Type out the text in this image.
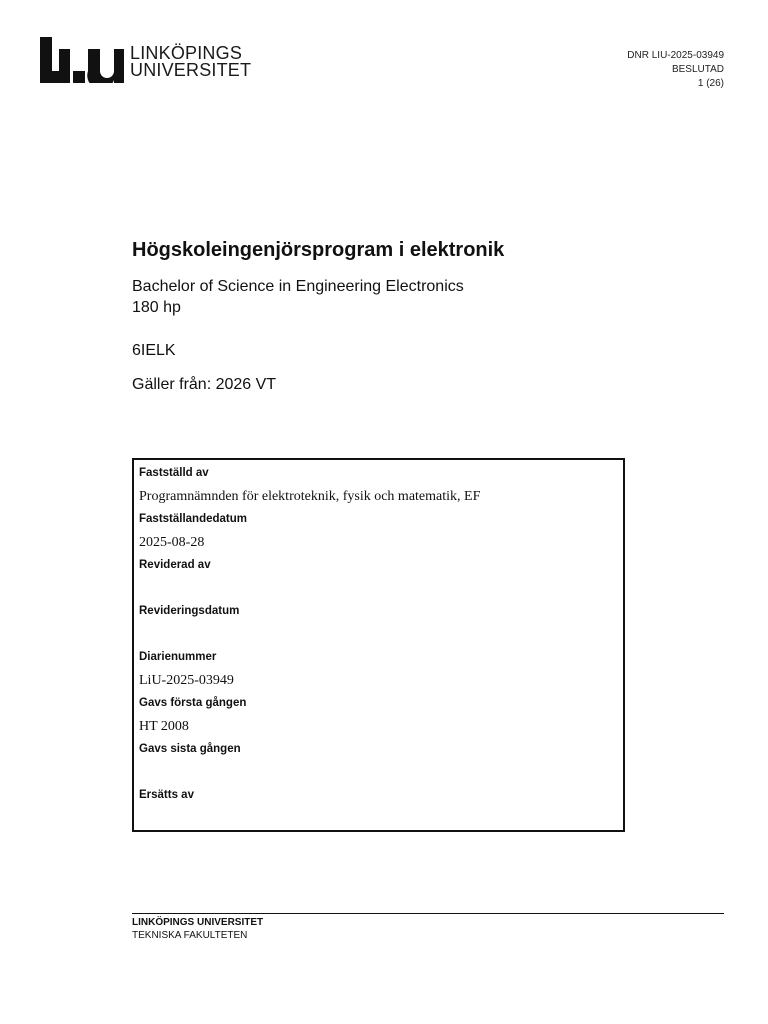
LINKÖPINGS
UNIVERSITET
DNR LIU-2025-03949
BESLUTAD
1 (26)
Högskoleingenjörsprogram i elektronik
Bachelor of Science in Engineering Electronics
180 hp
6IELK
Gäller från: 2026 VT
Fastställd av
Programnämnden för elektroteknik, fysik och matematik, EF
Fastställandedatum
2025-08-28
Reviderad av
Revideringsdatum
Diarienummer
LiU-2025-03949
Gavs första gången
HT 2008
Gavs sista gången
Ersätts av
LINKÖPINGS UNIVERSITET
TEKNISKA FAKULTETEN
